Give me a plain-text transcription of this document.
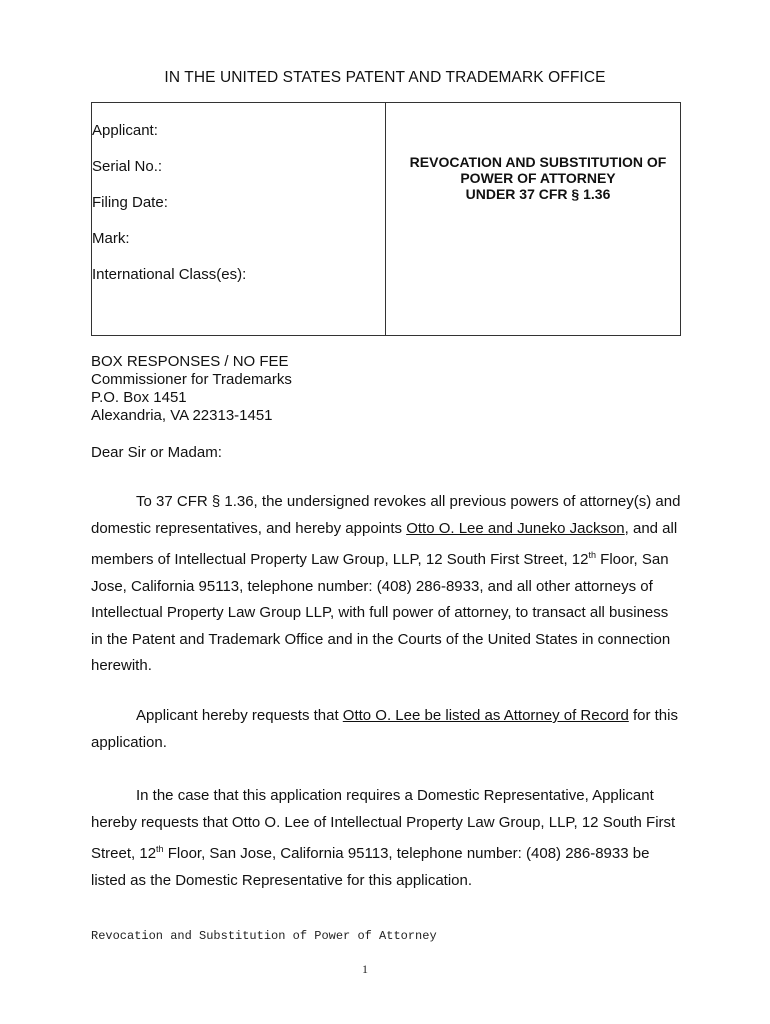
IN THE UNITED STATES PATENT AND TRADEMARK OFFICE
Applicant:
Serial No.:
Filing Date:
Mark:
International Class(es):
REVOCATION AND SUBSTITUTION OF
POWER OF ATTORNEY
UNDER 37 CFR § 1.36
BOX RESPONSES / NO FEE
Commissioner for Trademarks
P.O. Box 1451
Alexandria, VA 22313-1451
Dear Sir or Madam:
To 37 CFR § 1.36, the undersigned revokes all previous powers of attorney(s) and domestic representatives, and hereby appoints Otto O. Lee and Juneko Jackson, and all members of Intellectual Property Law Group, LLP, 12 South First Street, 12th Floor, San Jose, California 95113, telephone number: (408) 286-8933, and all other attorneys of Intellectual Property Law Group LLP, with full power of attorney, to transact all business in the Patent and Trademark Office and in the Courts of the United States in connection herewith.
Applicant hereby requests that Otto O. Lee be listed as Attorney of Record for this application.
In the case that this application requires a Domestic Representative, Applicant hereby requests that Otto O. Lee of Intellectual Property Law Group, LLP, 12 South First Street, 12th Floor, San Jose, California 95113, telephone number: (408) 286-8933 be listed as the Domestic Representative for this application.
Revocation and Substitution of Power of Attorney
1
